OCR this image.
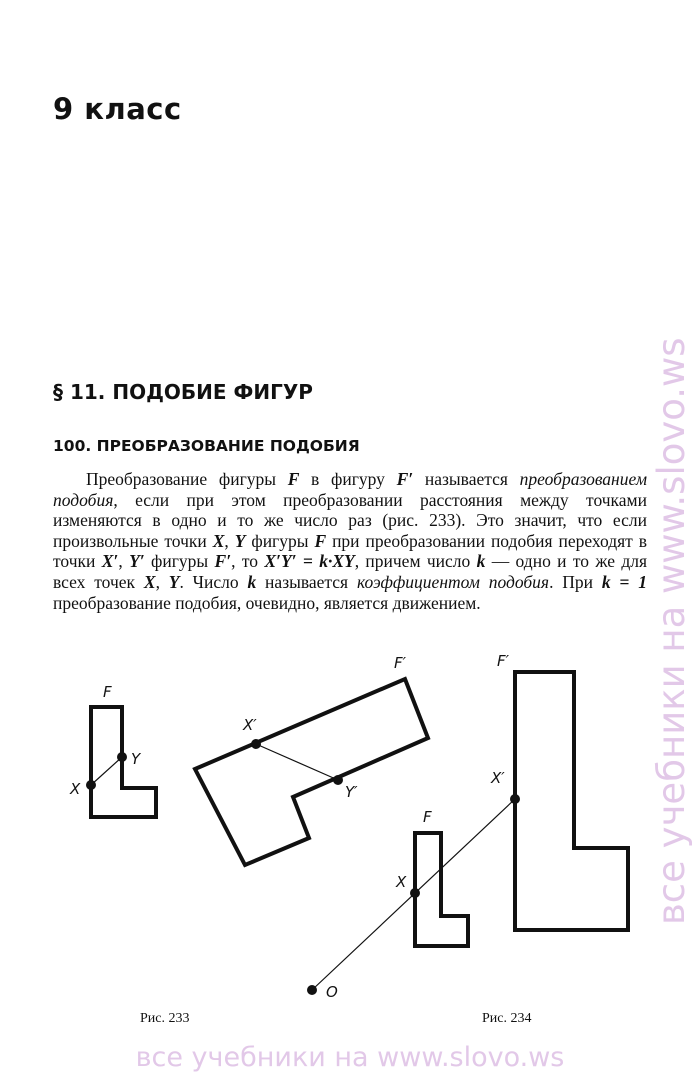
9 класс
§ 11. ПОДОБИЕ ФИГУР
100. ПРЕОБРАЗОВАНИЕ ПОДОБИЯ

Преобразование фигуры F в фигуру F′ называется преобразованием подобия, если при этом преобразовании расстояния между точками изменяются в одно и то же число раз (рис. 233). Это значит, что если произвольные точки X, Y фигуры F при преобразовании подобия переходят в точки X′, Y′ фигуры F′, то X′Y′ = k·XY, причем число k — одно и то же для всех точек X, Y. Число k называется коэффициентом подобия. При k = 1 преобразование подобия, очевидно, является движением.

F
X
Y
F′
X′
Y′
F′
X′
F
X
O
Рис. 233	Рис. 234
все учебники на www.slovo.ws
все учебники на www.slovo.ws
